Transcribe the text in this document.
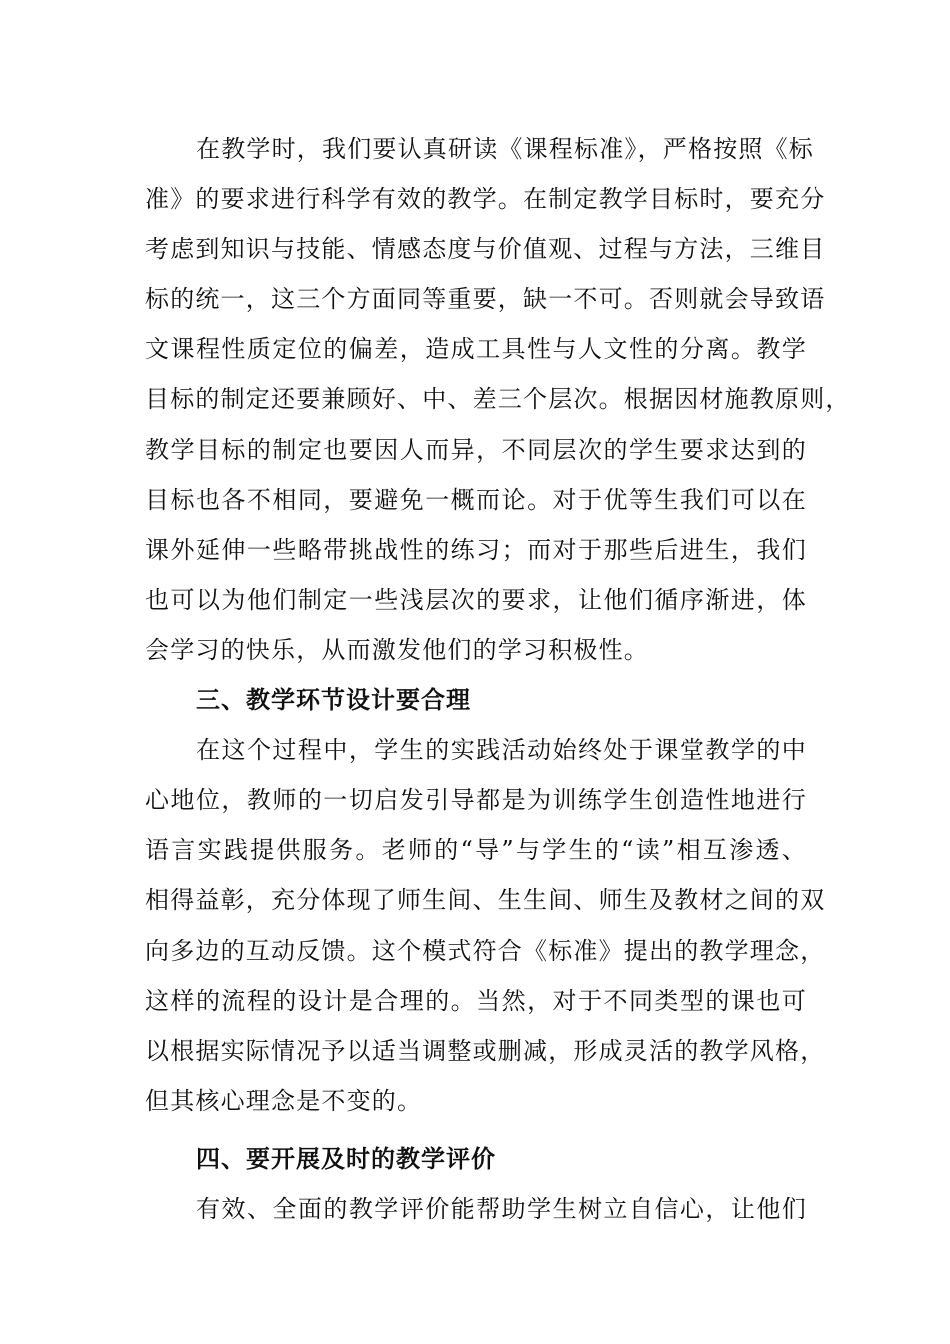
在教学时，我们要认真研读《课程标准》，严格按照《标
准》的要求进行科学有效的教学。在制定教学目标时，要充分
考虑到知识与技能、情感态度与价值观、过程与方法，三维目
标的统一，这三个方面同等重要，缺一不可。否则就会导致语
文课程性质定位的偏差，造成工具性与人文性的分离。教学
目标的制定还要兼顾好、中、差三个层次。根据因材施教原则，
教学目标的制定也要因人而异，不同层次的学生要求达到的
目标也各不相同，要避免一概而论。对于优等生我们可以在
课外延伸一些略带挑战性的练习；而对于那些后进生，我们
也可以为他们制定一些浅层次的要求，让他们循序渐进，体
会学习的快乐，从而激发他们的学习积极性。
三、教学环节设计要合理
在这个过程中，学生的实践活动始终处于课堂教学的中
心地位，教师的一切启发引导都是为训练学生创造性地进行
语言实践提供服务。老师的“导”与学生的“读”相互渗透、
相得益彰，充分体现了师生间、生生间、师生及教材之间的双
向多边的互动反馈。这个模式符合《标准》提出的教学理念，
这样的流程的设计是合理的。当然，对于不同类型的课也可
以根据实际情况予以适当调整或删减，形成灵活的教学风格，
但其核心理念是不变的。
四、要开展及时的教学评价
有效、全面的教学评价能帮助学生树立自信心，让他们
